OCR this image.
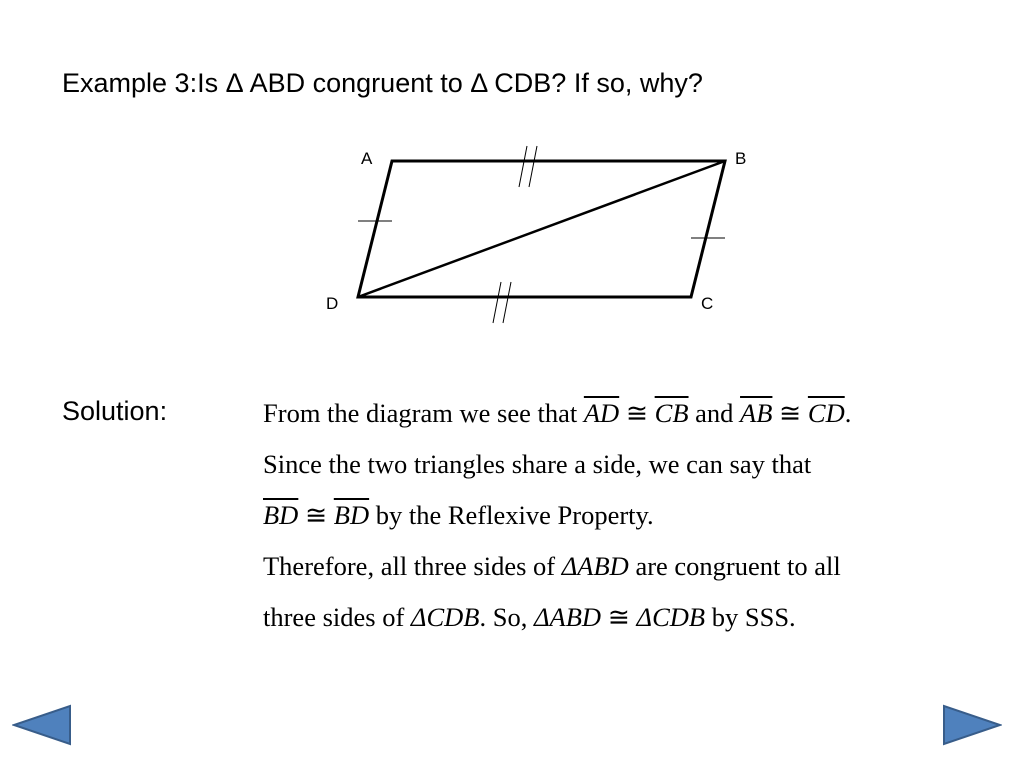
Example 3:Is Δ ABD congruent to Δ CDB? If so, why?
A	B
D	C
Solution:	From the diagram we see that $\overline{AD}$ ≅ $\overline{CB}$ and $\overline{AB}$ ≅ $\overline{CD}$.
Since the two triangles share a side, we can say that
$\overline{BD}$ ≅ $\overline{BD}$ by the Reflexive Property.
Therefore, all three sides of ΔABD are congruent to all
three sides of ΔCDB. So, ΔABD ≅ ΔCDB by SSS.
